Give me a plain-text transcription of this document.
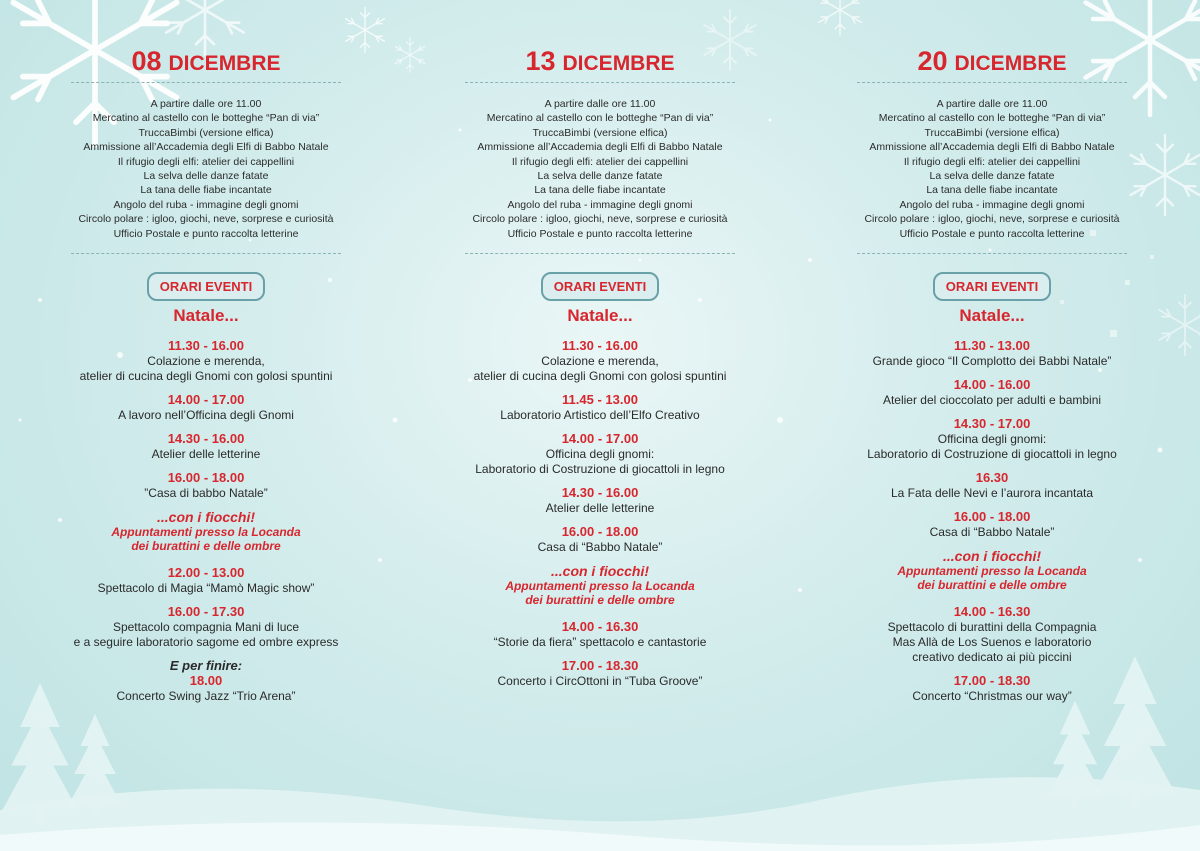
08 DICEMBRE
A partire dalle ore 11.00
Mercatino al castello con le botteghe “Pan di via”
TruccaBimbi (versione elfica)
Ammissione all’Accademia degli Elfi di Babbo Natale
Il rifugio degli elfi: atelier dei cappellini
La selva delle danze fatate
La tana delle fiabe incantate
Angolo del ruba - immagine degli gnomi
Circolo polare : igloo, giochi, neve, sorprese e curiosità
Ufficio Postale e punto raccolta letterine
ORARI EVENTI
Natale...
11.30 - 16.00
Colazione e merenda,
atelier di cucina degli Gnomi con golosi spuntini
14.00 - 17.00
A lavoro nell’Officina degli Gnomi
14.30 - 16.00
Atelier delle letterine
16.00 - 18.00
”Casa di babbo Natale”
...con i fiocchi!
Appuntamenti presso la Locanda
dei burattini e delle ombre
12.00 - 13.00
Spettacolo di Magia “Mamò Magic show”
16.00 - 17.30
Spettacolo compagnia Mani di luce
e a seguire laboratorio sagome ed ombre express
E per finire:
18.00
Concerto Swing Jazz “Trio Arena”
13 DICEMBRE
A partire dalle ore 11.00
Mercatino al castello con le botteghe “Pan di via”
TruccaBimbi (versione elfica)
Ammissione all’Accademia degli Elfi di Babbo Natale
Il rifugio degli elfi: atelier dei cappellini
La selva delle danze fatate
La tana delle fiabe incantate
Angolo del ruba - immagine degli gnomi
Circolo polare : igloo, giochi, neve, sorprese e curiosità
Ufficio Postale e punto raccolta letterine
ORARI EVENTI
Natale...
11.30 - 16.00
Colazione e merenda,
atelier di cucina degli Gnomi con golosi spuntini
11.45 - 13.00
Laboratorio Artistico dell’Elfo Creativo
14.00 - 17.00
Officina degli gnomi:
Laboratorio di Costruzione di giocattoli in legno
14.30 - 16.00
Atelier delle letterine
16.00 - 18.00
Casa di “Babbo Natale”
...con i fiocchi!
Appuntamenti presso la Locanda
dei burattini e delle ombre
14.00 - 16.30
“Storie da fiera” spettacolo e cantastorie
17.00 - 18.30
Concerto i CircOttoni in “Tuba Groove”
20 DICEMBRE
A partire dalle ore 11.00
Mercatino al castello con le botteghe “Pan di via”
TruccaBimbi (versione elfica)
Ammissione all’Accademia degli Elfi di Babbo Natale
Il rifugio degli elfi: atelier dei cappellini
La selva delle danze fatate
La tana delle fiabe incantate
Angolo del ruba - immagine degli gnomi
Circolo polare : igloo, giochi, neve, sorprese e curiosità
Ufficio Postale e punto raccolta letterine
ORARI EVENTI
Natale...
11.30 - 13.00
Grande gioco “Il Complotto dei Babbi Natale”
14.00 - 16.00
Atelier del cioccolato per adulti e bambini
14.30 - 17.00
Officina degli gnomi:
Laboratorio di Costruzione di giocattoli in legno
16.30
La Fata delle Nevi e l’aurora incantata
16.00 - 18.00
Casa di “Babbo Natale”
...con i fiocchi!
Appuntamenti presso la Locanda
dei burattini e delle ombre
14.00 - 16.30
Spettacolo di burattini della Compagnia
Mas Allà de Los Suenos e laboratorio
creativo dedicato ai più piccini
17.00 - 18.30
Concerto “Christmas our way”
